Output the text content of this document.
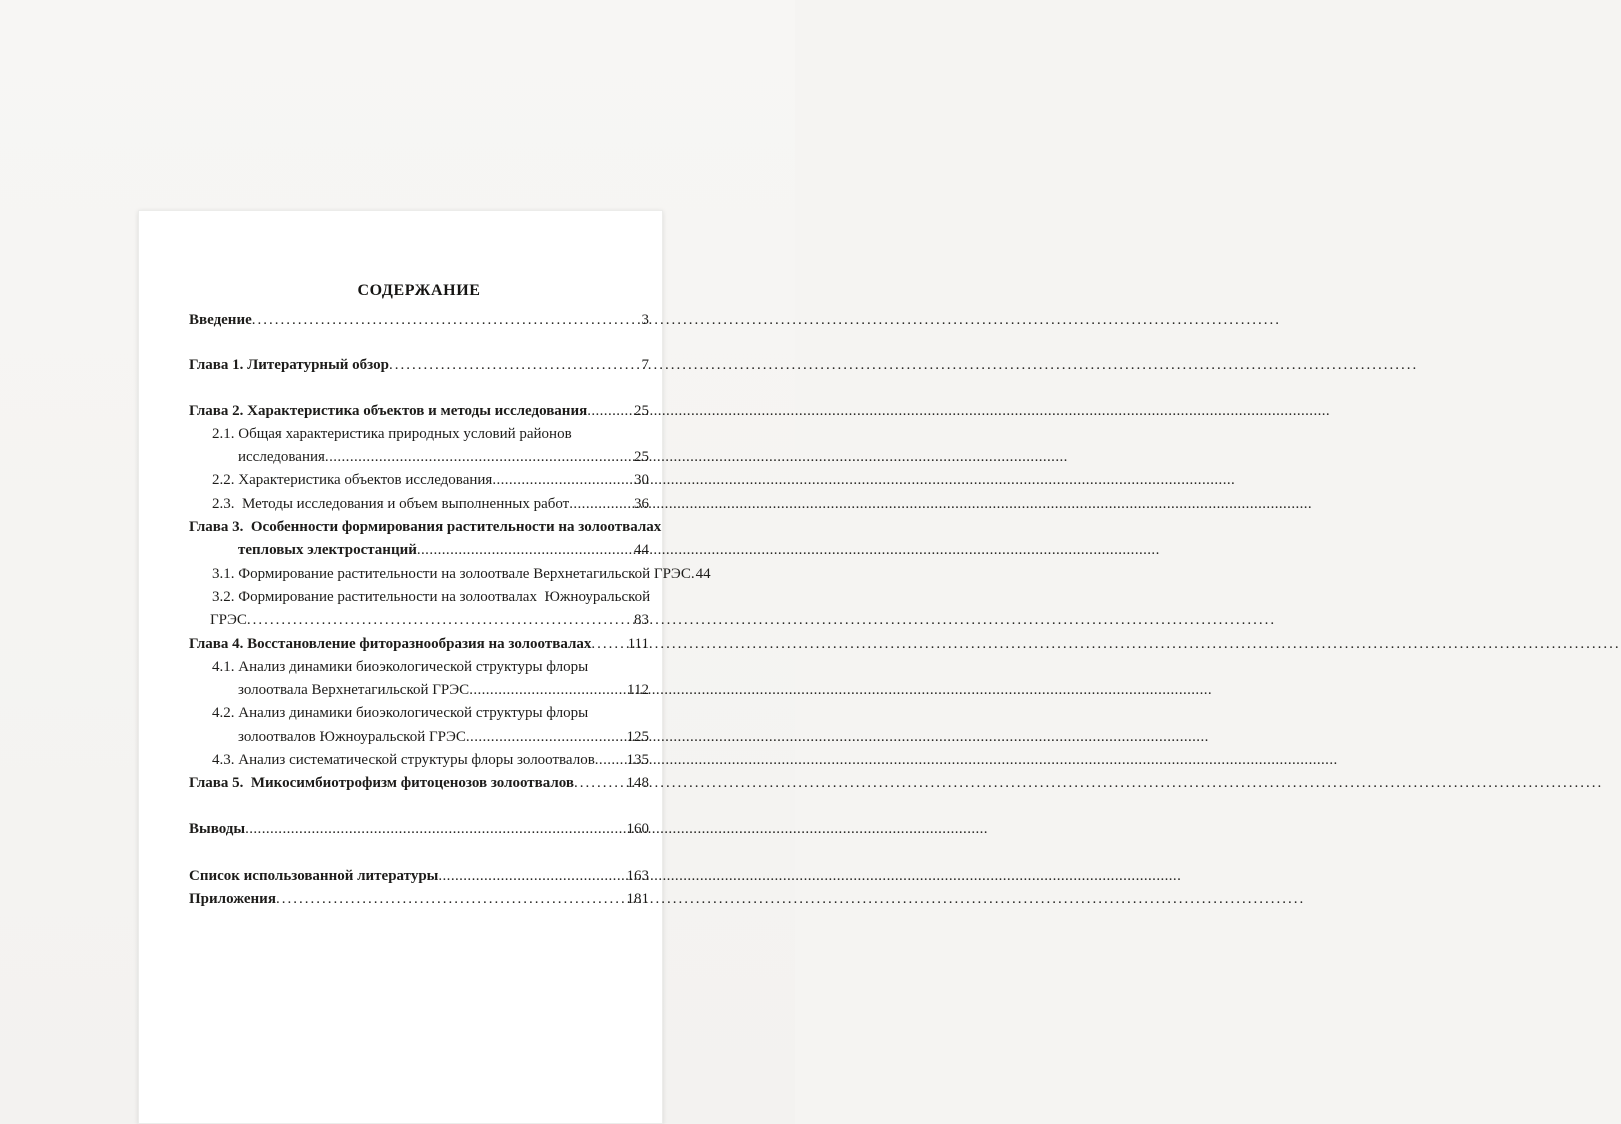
СОДЕРЖАНИЕ
Введение .....	3
Глава 1. Литературный обзор .....	7
Глава 2. Характеристика объектов и методы исследования .....	25
2.1. Общая характеристика природных условий районов
исследования .....	25
2.2. Характеристика объектов исследования .....	30
2.3.  Методы исследования и объем выполненных работ .....	36
Глава 3.  Особенности формирования растительности на золоотвалах
тепловых электростанций .....	44
3.1. Формирование растительности на золоотвале Верхнетагильской ГРЭС . 44
3.2. Формирование растительности на золоотвалах  Южноуральской
ГРЭС .....	83
Глава 4. Восстановление фиторазнообразия на золоотвалах ..... 111
4.1. Анализ динамики биоэкологической структуры флоры
золоотвала Верхнетагильской ГРЭС .....	112
4.2. Анализ динамики биоэкологической структуры флоры
золоотвалов Южноуральской ГРЭС .....	125
4.3. Анализ систематической структуры флоры золоотвалов ..... 135
Глава 5.  Микосимбиотрофизм фитоценозов золоотвалов .....	148
Выводы .....	160
Список использованной литературы .....	163
Приложения .....	181
